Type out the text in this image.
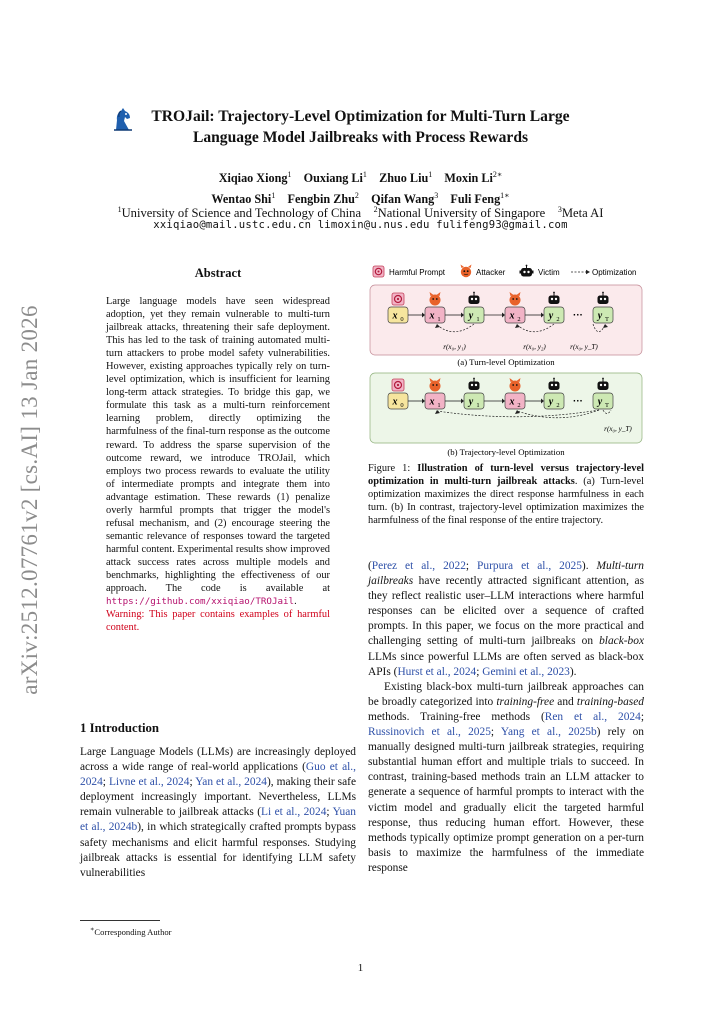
arXiv:2512.07761v2 [cs.AI] 13 Jan 2026
TROJail: Trajectory-Level Optimization for Multi-Turn Large
Language Model Jailbreaks with Process Rewards
Xiqiao Xiong$^1$  Ouxiang Li$^1$  Zhuo Liu$^1$  Moxin $Li^{2∗}$
Wentao Shi$^1$  Fengbin Zhu$^2$  Qifan Wang$^3$  Fuli Feng$^{1∗}$
$^1$University of Science and Technology of China  $^2$National University of Singapore  $^3$Meta AI
xxiqiao@mail.ustc.edu.cn limoxin@u.nus.edu fulifeng93@gmail.com
Abstract
Large language models have seen widespread adoption, yet they remain vulnerable to multi-turn jailbreak attacks, threatening their safe deployment. This has led to the task of training automated multi-turn attackers to probe model safety vulnerabilities. However, existing approaches typically rely on turn-level optimization, which is insufficient for learning long-term attack strategies. To bridge this gap, we formulate this task as a multi-turn reinforcement learning problem, directly optimizing the harmfulness of the final-turn response as the outcome reward. To address the sparse supervision of the outcome reward, we introduce TROJail, which employs two process rewards to evaluate the utility of intermediate prompts and integrate them into advantage estimation. These rewards (1) penalize overly harmful prompts that trigger the model's refusal mechanism, and (2) encourage steering the semantic relevance of responses toward the targeted harmful content. Experimental results show improved attack success rates across multiple models and benchmarks, highlighting the effectiveness of our approach. The code is available at https://github.com/xxiqiao/TROJail. Warning: This paper contains examples of harmful content.
1 Introduction
Large Language Models (LLMs) are increasingly deployed across a wide range of real-world applications (Guo et al., 2024; Livne et al., 2024; Yan et al., 2024), making their safe deployment increasingly important. Nevertheless, LLMs remain vulnerable to jailbreak attacks (Li et al., 2024; Yuan et al., 2024b), in which strategically crafted prompts bypass safety mechanisms and elicit harmful responses. Studying jailbreak attacks is essential for identifying LLM safety vulnerabilities
∗Corresponding Author
Harmful Prompt	Attacker	Victim	Optimization
x 0	x 1	y 1	x 2	y 2 ··· y T
r(x₀, y₁)	r(x₀, y₂)	r(x₀, y_T)
(a) Turn-level Optimization
x 0	x 1	y 1	x 2	y 2 ··· y T
r(x₀, y_T)
(b) Trajectory-level Optimization
Figure 1: Illustration of turn-level versus trajectory-level optimization in multi-turn jailbreak attacks. (a) Turn-level optimization maximizes the direct response harmfulness in each turn. (b) In contrast, trajectory-level optimization maximizes the harmfulness of the final response of the entire trajectory.
(Perez et al., 2022; Purpura et al., 2025). Multi-turn jailbreaks have recently attracted significant attention, as they reflect realistic user–LLM interactions where harmful responses can be elicited over a sequence of crafted prompts. In this paper, we focus on the more practical and challenging setting of multi-turn jailbreaks on black-box LLMs since powerful LLMs are often served as black-box APIs (Hurst et al., 2024; Gemini et al., 2023).
Existing black-box multi-turn jailbreak approaches can be broadly categorized into training-free and training-based methods. Training-free methods (Ren et al., 2024; Russinovich et al., 2025; Yang et al., 2025b) rely on manually designed multi-turn jailbreak strategies, requiring substantial human effort and multiple trials to succeed. In contrast, training-based methods train an LLM attacker to generate a sequence of harmful prompts to interact with the victim model and gradually elicit the targeted harmful response, thus reducing human effort. However, these methods typically optimize prompt generation on a per-turn basis to maximize the harmfulness of the immediate response
1
